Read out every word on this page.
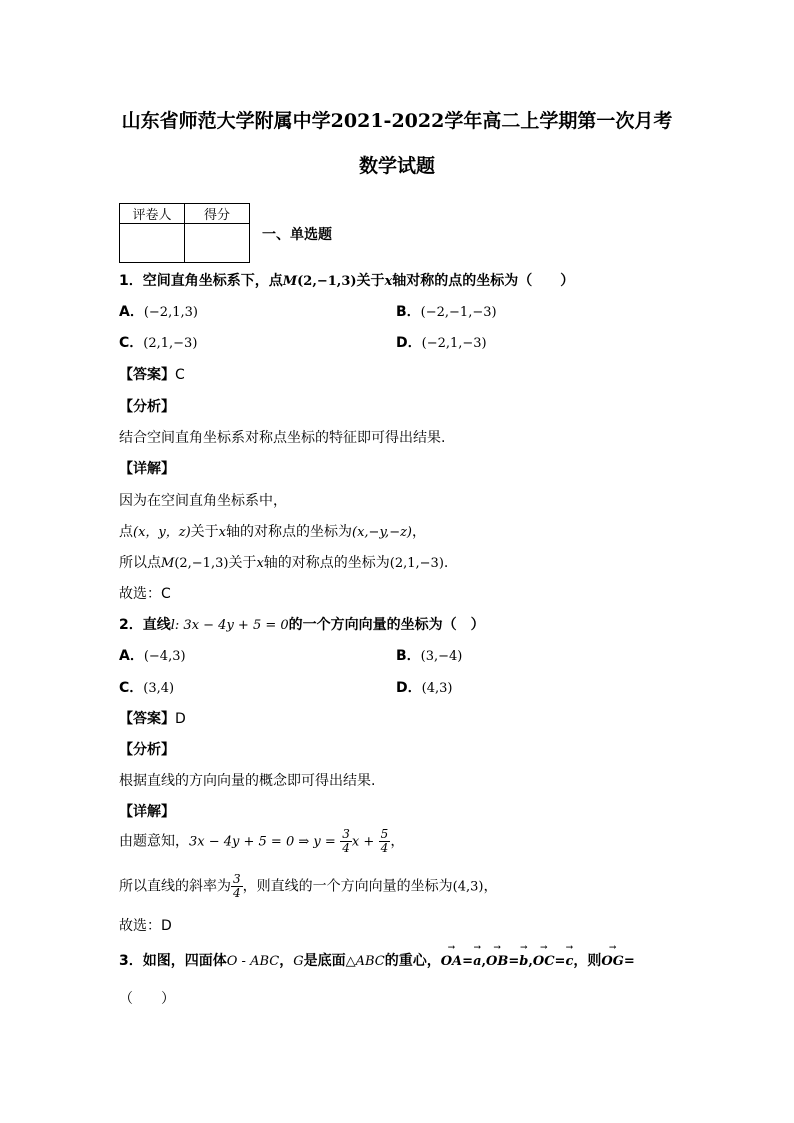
山东省师范大学附属中学2021-2022学年高二上学期第一次月考
数学试题
评卷人	得分

一、单选题
1．空间直角坐标系下，点M(2,−1,3)关于x轴对称的点的坐标为（　　）
A．(−2,1,3)	B．(−2,−1,−3)
C．(2,1,−3)	D．(−2,1,−3)
【答案】C
【分析】
结合空间直角坐标系对称点坐标的特征即可得出结果.
【详解】
因为在空间直角坐标系中，
点(x，y，z)关于x轴的对称点的坐标为(x,−y,−z)，
所以点M(2,−1,3)关于x轴的对称点的坐标为(2,1,−3).
故选：C
2．直线l: 3x − 4y + 5 = 0的一个方向向量的坐标为（　）
A．(−4,3)	B．(3,−4)
C．(3,4)	D．(4,3)
【答案】D
【分析】
根据直线的方向向量的概念即可得出结果.
【详解】
由题意知，3x − 4y + 5 = 0 ⇒ $y = \frac{3}{4}$ $x + \frac{5}{4}$ ，
所以直线的斜率为 $\frac{3}{4}$ ，则直线的一个方向向量的坐标为(4,3)，
故选：D
3．如图，四面体O - ABC，G是底面△ABC的重心，→ OA=→ a,→ OB=→ b,→ OC=→ c，则→ OG=
（　　）
